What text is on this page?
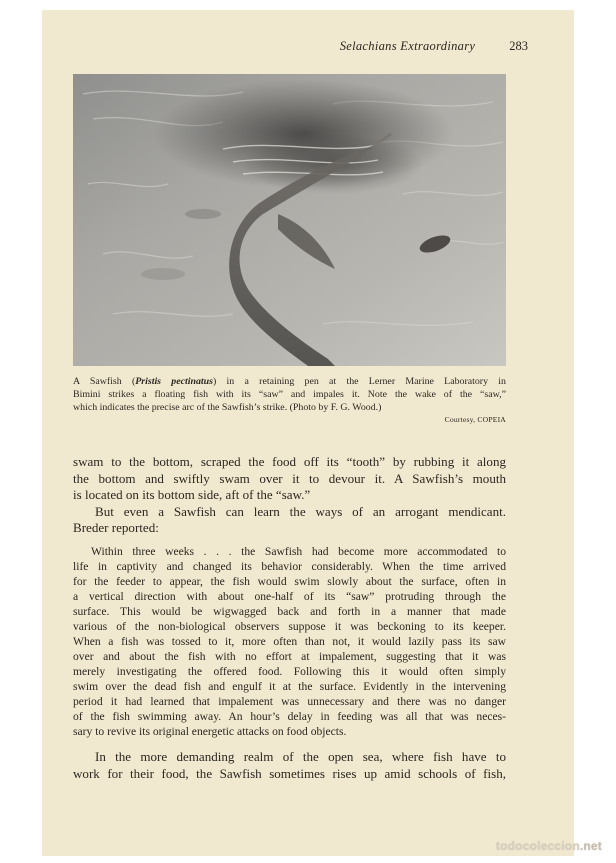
Selachians Extraordinary	283
A Sawfish (Pristis pectinatus) in a retaining pen at the Lerner Marine Laboratory in
Bimini strikes a floating fish with its “saw” and impales it. Note the wake of the “saw,”
which indicates the precise arc of the Sawfish’s strike. (Photo by F. G. Wood.)
Courtesy, COPEIA
swam to the bottom, scraped the food off its “tooth” by rubbing it along
the bottom and swiftly swam over it to devour it. A Sawfish’s mouth
is located on its bottom side, aft of the “saw.”
But even a Sawfish can learn the ways of an arrogant mendicant.
Breder reported:
Within three weeks . . . the Sawfish had become more accommodated to
life in captivity and changed its behavior considerably. When the time arrived
for the feeder to appear, the fish would swim slowly about the surface, often in
a vertical direction with about one-half of its “saw” protruding through the
surface. This would be wigwagged back and forth in a manner that made
various of the non-biological observers suppose it was beckoning to its keeper.
When a fish was tossed to it, more often than not, it would lazily pass its saw
over and about the fish with no effort at impalement, suggesting that it was
merely investigating the offered food. Following this it would often simply
swim over the dead fish and engulf it at the surface. Evidently in the intervening
period it had learned that impalement was unnecessary and there was no danger
of the fish swimming away. An hour’s delay in feeding was all that was neces-
sary to revive its original energetic attacks on food objects.
In the more demanding realm of the open sea, where fish have to
work for their food, the Sawfish sometimes rises up amid schools of fish,
todocoleccion.net
